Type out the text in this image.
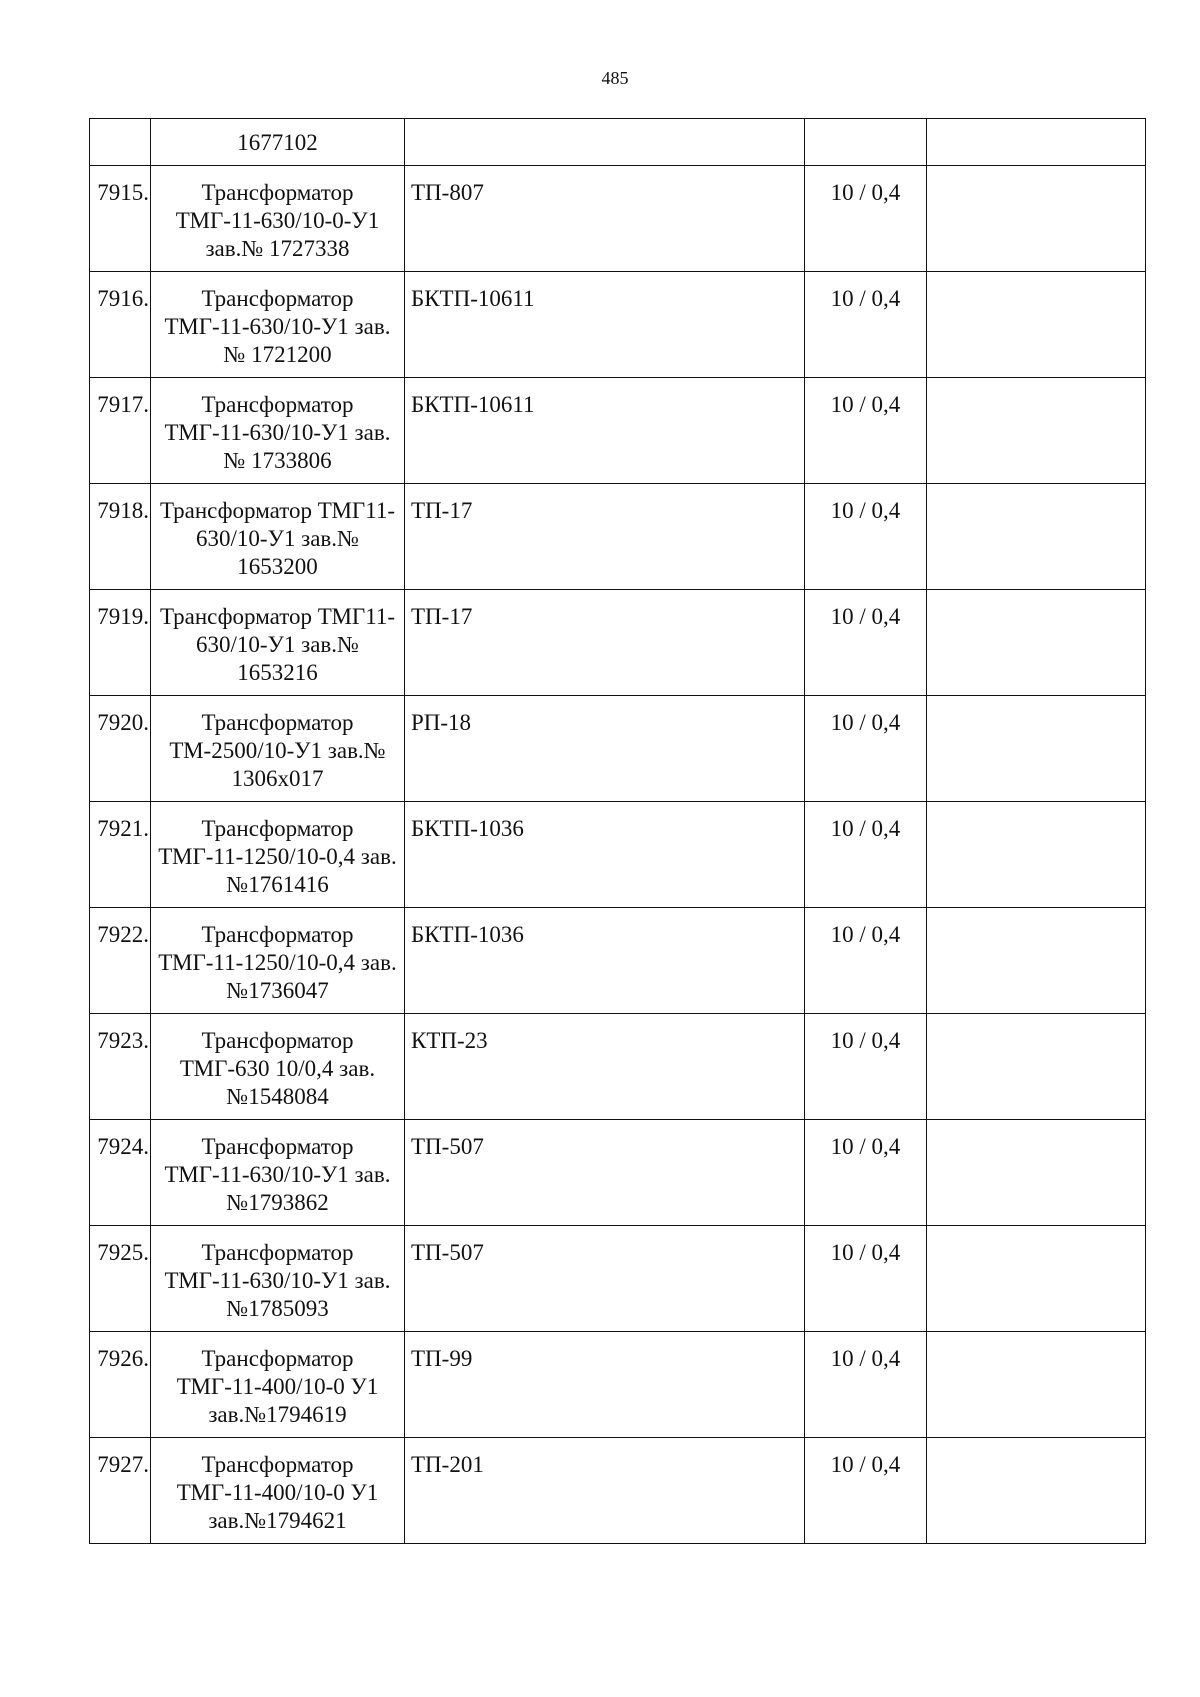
485
	1677102			
7915.	Трансформатор ТМГ-11-630/10-0-У1 зав.№ 1727338	ТП-807	10 / 0,4	
7916.	Трансформатор ТМГ-11-630/10-У1 зав.№ 1721200	БКТП-10611	10 / 0,4	
7917.	Трансформатор ТМГ-11-630/10-У1 зав.№ 1733806	БКТП-10611	10 / 0,4	
7918.	Трансформатор ТМГ11-630/10-У1 зав.№ 1653200	ТП-17	10 / 0,4	
7919.	Трансформатор ТМГ11-630/10-У1 зав.№ 1653216	ТП-17	10 / 0,4	
7920.	Трансформатор ТМ-2500/10-У1 зав.№ 1306х017	РП-18	10 / 0,4	
7921.	Трансформатор ТМГ-11-1250/10-0,4 зав.№1761416	БКТП-1036	10 / 0,4	
7922.	Трансформатор ТМГ-11-1250/10-0,4 зав.№1736047	БКТП-1036	10 / 0,4	
7923.	Трансформатор ТМГ-630 10/0,4 зав.№1548084	КТП-23	10 / 0,4	
7924.	Трансформатор ТМГ-11-630/10-У1 зав.№1793862	ТП-507	10 / 0,4	
7925.	Трансформатор ТМГ-11-630/10-У1 зав.№1785093	ТП-507	10 / 0,4	
7926.	Трансформатор ТМГ-11-400/10-0 У1 зав.№1794619	ТП-99	10 / 0,4	
7927.	Трансформатор ТМГ-11-400/10-0 У1 зав.№1794621	ТП-201	10 / 0,4	
